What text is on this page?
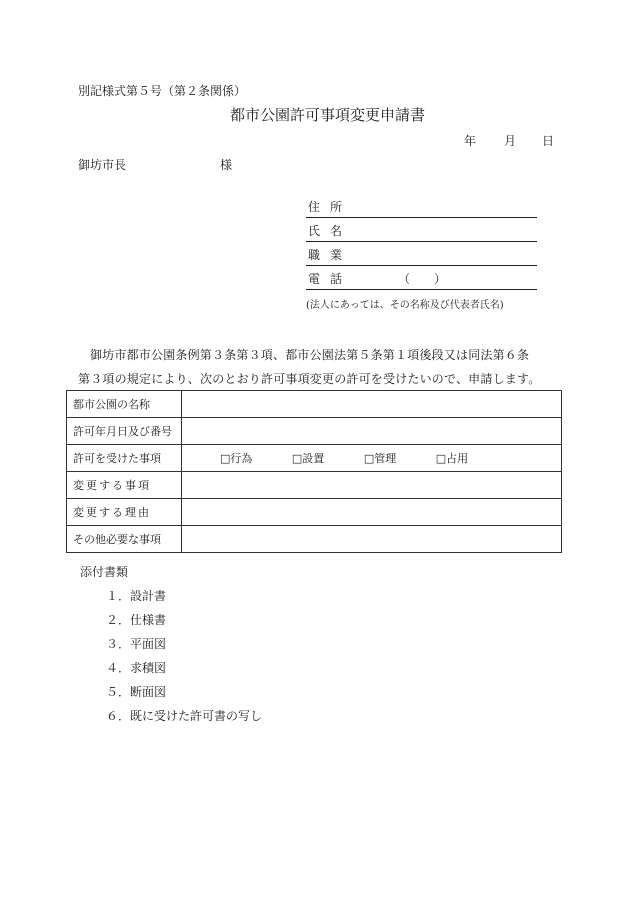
別記様式第５号（第２条関係）
都市公園許可事項変更申請書
年 月 日
御坊市長	様
住所
氏名
職業
電話	（　　）
(法人にあっては、その名称及び代表者氏名)
御坊市都市公園条例第３条第３項、都市公園法第５条第１項後段又は同法第６条
第３項の規定により、次のとおり許可事項変更の許可を受けたいので、申請します。
都市公園の名称	
許可年月日及び番号	
許可を受けた事項	□行為 □設置 □管理 □占用
変更する事項	
変更する理由	
その他必要な事項	
添付書類
１．設計書
２．仕様書
３．平面図
４．求積図
５．断面図
６．既に受けた許可書の写し
